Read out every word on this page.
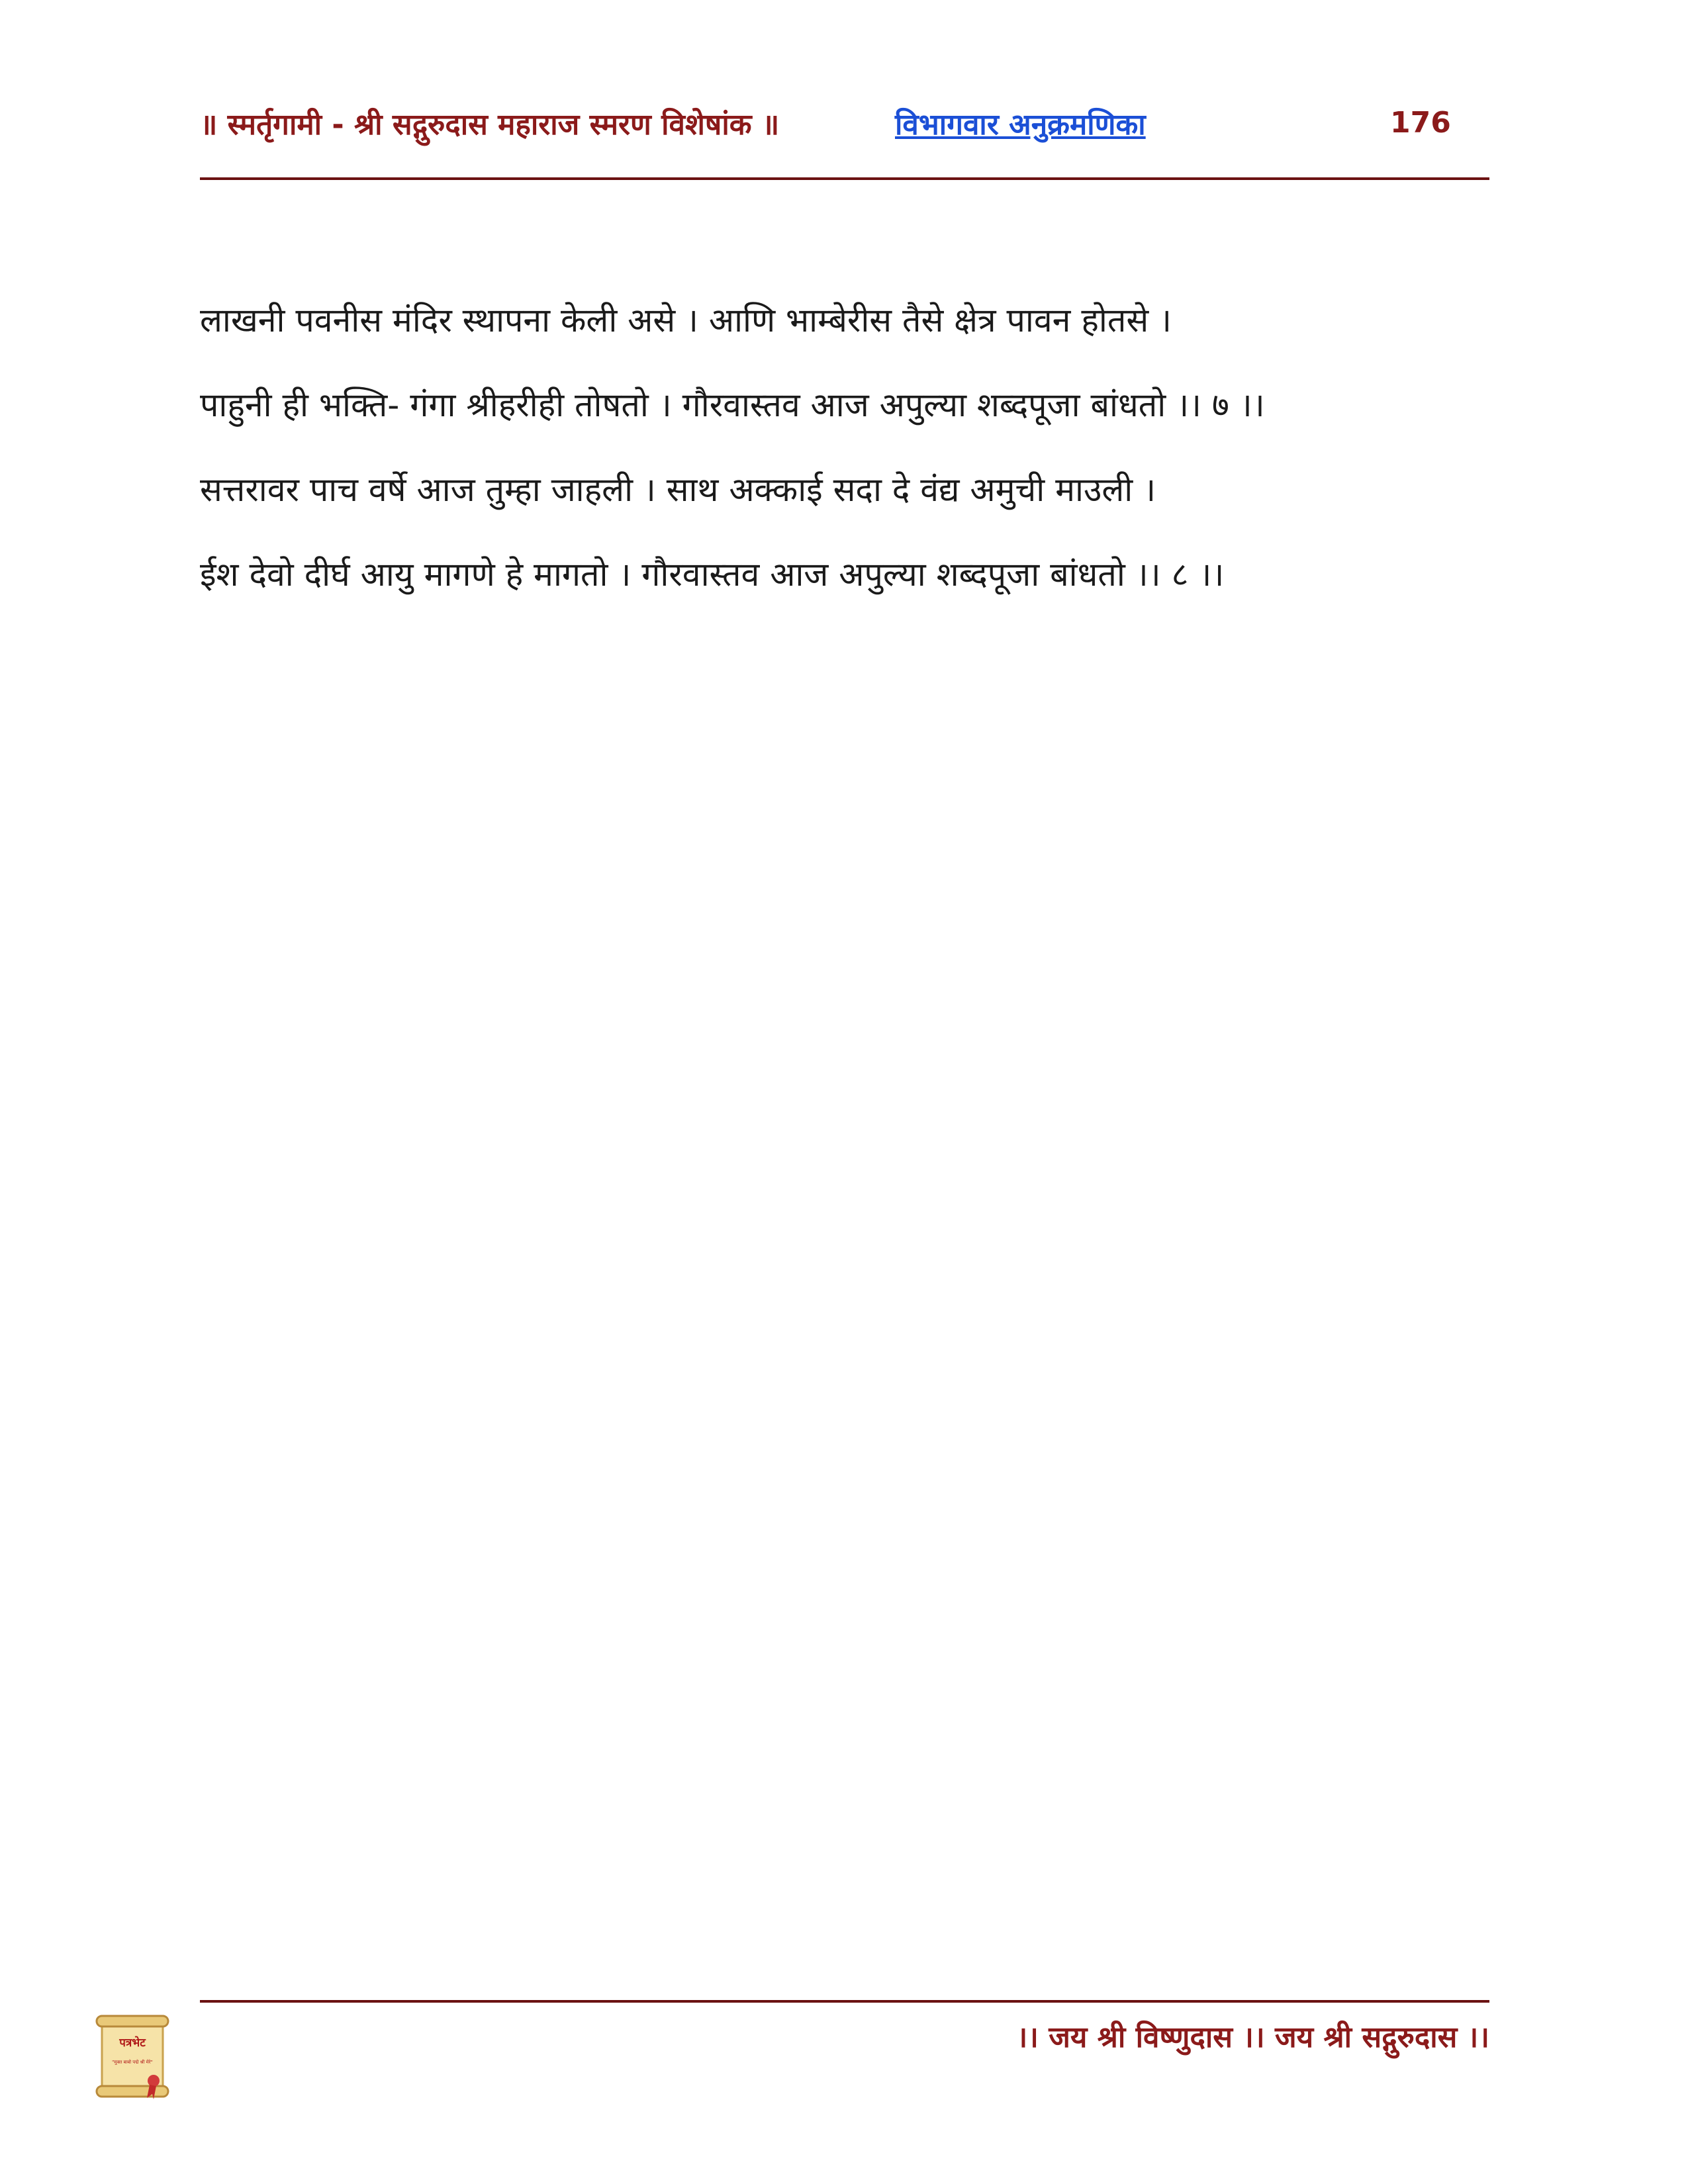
॥ स्मर्तृगामी - श्री सद्गुरुदास महाराज स्मरण विशेषांक ॥	विभागवार अनुक्रमणिका	176
लाखनी पवनीस मंदिर स्थापना केली असे । आणि भाम्बेरीस तैसे क्षेत्र पावन होतसे ।
पाहुनी ही भक्ति- गंगा श्रीहरीही तोषतो । गौरवास्तव आज अपुल्या शब्दपूजा बांधतो ।। ७ ।।
सत्तरावर पाच वर्षे आज तुम्हा जाहली । साथ अक्काई सदा दे वंद्य अमुची माउली ।
ईश देवो दीर्घ आयु मागणे हे मागतो । गौरवास्तव आज अपुल्या शब्दपूजा बांधतो ।। ८ ।।
पत्रभेट
"मुक्त बाबो पद्मे श्री मेरे"
।। जय श्री विष्णुदास ।। जय श्री सद्गुरुदास ।।
